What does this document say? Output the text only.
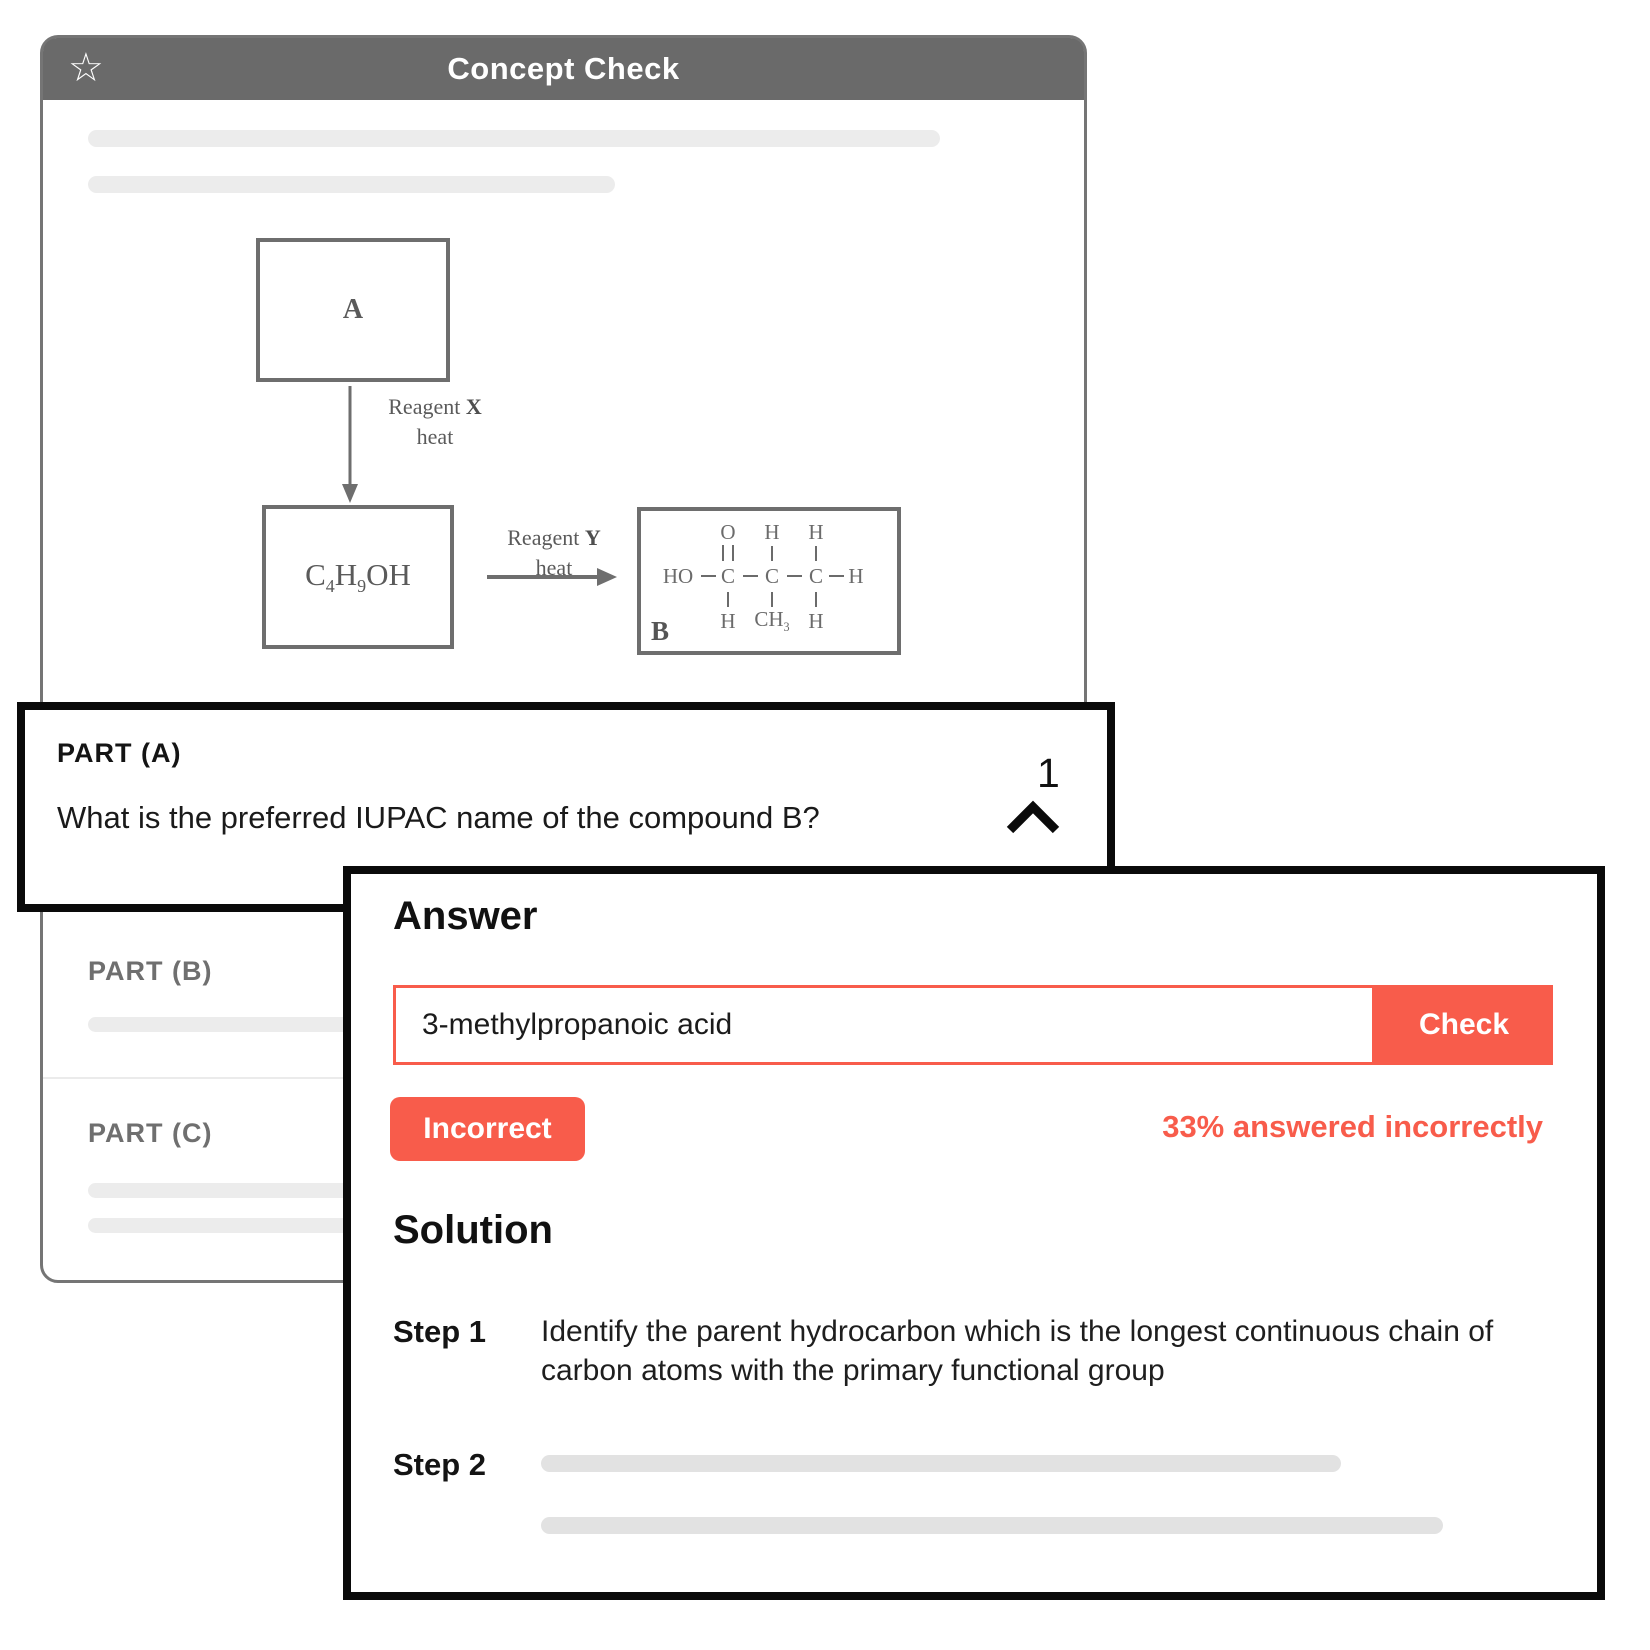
☆	Concept Check
A
Reagent X
heat
$C_4H_9OH$
Reagent Y
heat
O H H
HO C C C H
H $CH_3$ H
B
PART (B)
PART (C)
PART (A)
What is the preferred IUPAC name of the compound B?
1
Answer
3-methylpropanoic acid
Check
Incorrect	33% answered incorrectly
Solution
Step 1 Identify the parent hydrocarbon which is the longest continuous chain of carbon atoms with the primary functional group
Step 2
